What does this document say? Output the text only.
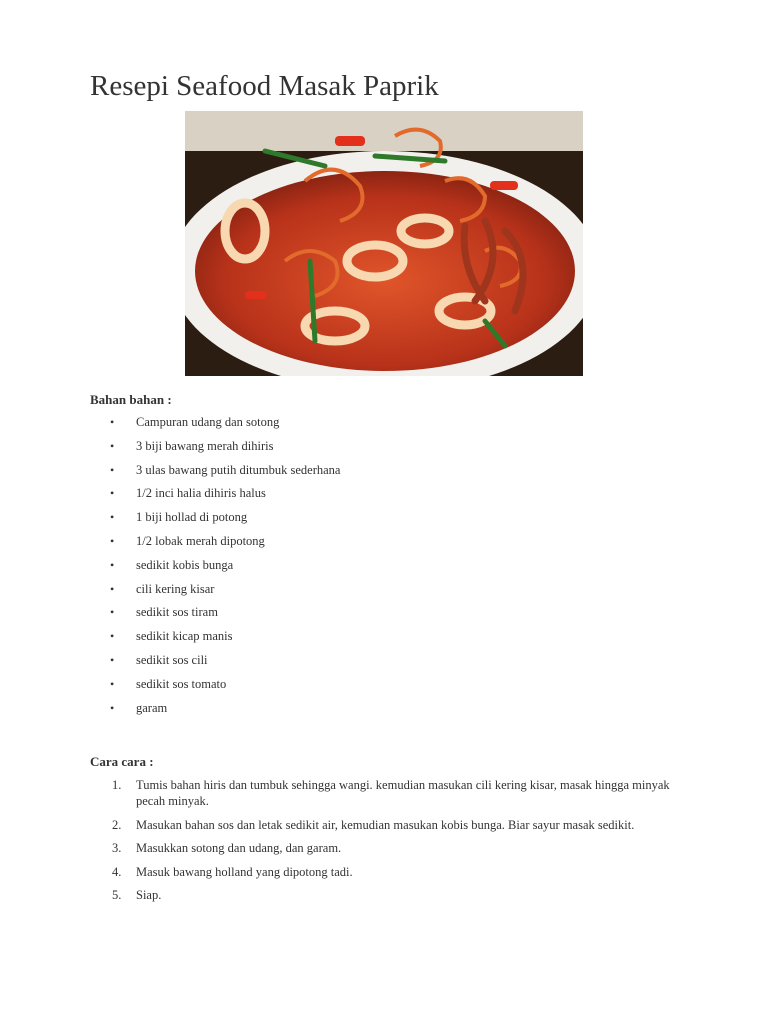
Resepi Seafood Masak Paprik

Bahan bahan :

• Campuran udang dan sotong
• 3 biji bawang merah dihiris
• 3 ulas bawang putih ditumbuk sederhana
• 1/2 inci halia dihiris halus
• 1 biji hollad di potong
• 1/2 lobak merah dipotong
• sedikit kobis bunga
• cili kering kisar
• sedikit sos tiram
• sedikit kicap manis
• sedikit sos cili
• sedikit sos tomato
• garam

Cara cara :

1. Tumis bahan hiris dan tumbuk sehingga wangi. kemudian masukan cili kering kisar, masak hingga minyak pecah minyak.
2. Masukan bahan sos dan letak sedikit air, kemudian masukan kobis bunga. Biar sayur masak sedikit.
3. Masukkan sotong dan udang, dan garam.
4. Masuk bawang holland yang dipotong tadi.
5. Siap.
